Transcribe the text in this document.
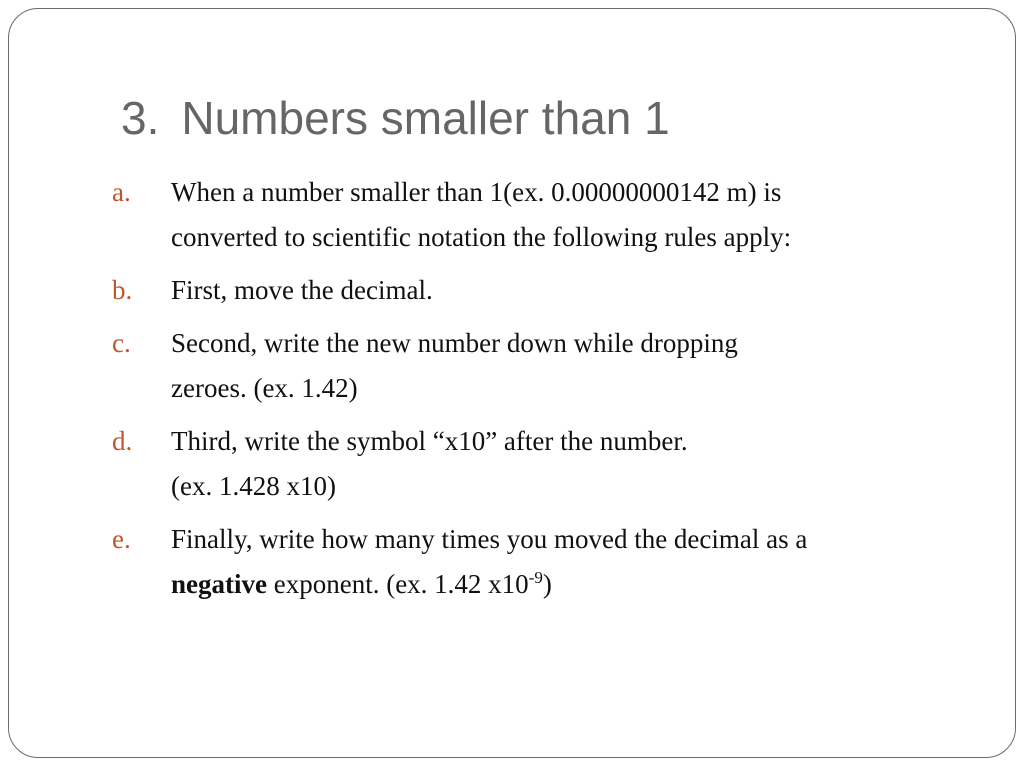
3. Numbers smaller than 1
a. When a number smaller than 1(ex. 0.00000000142 m) is
converted to scientific notation the following rules apply:
b. First, move the decimal.
c. Second, write the new number down while dropping
zeroes. (ex. 1.42)
d. Third, write the symbol “x10” after the number.
(ex. 1.428 x10)
e. Finally, write how many times you moved the decimal as a
negative exponent. (ex. 1.42 $x10^{-9}$)
